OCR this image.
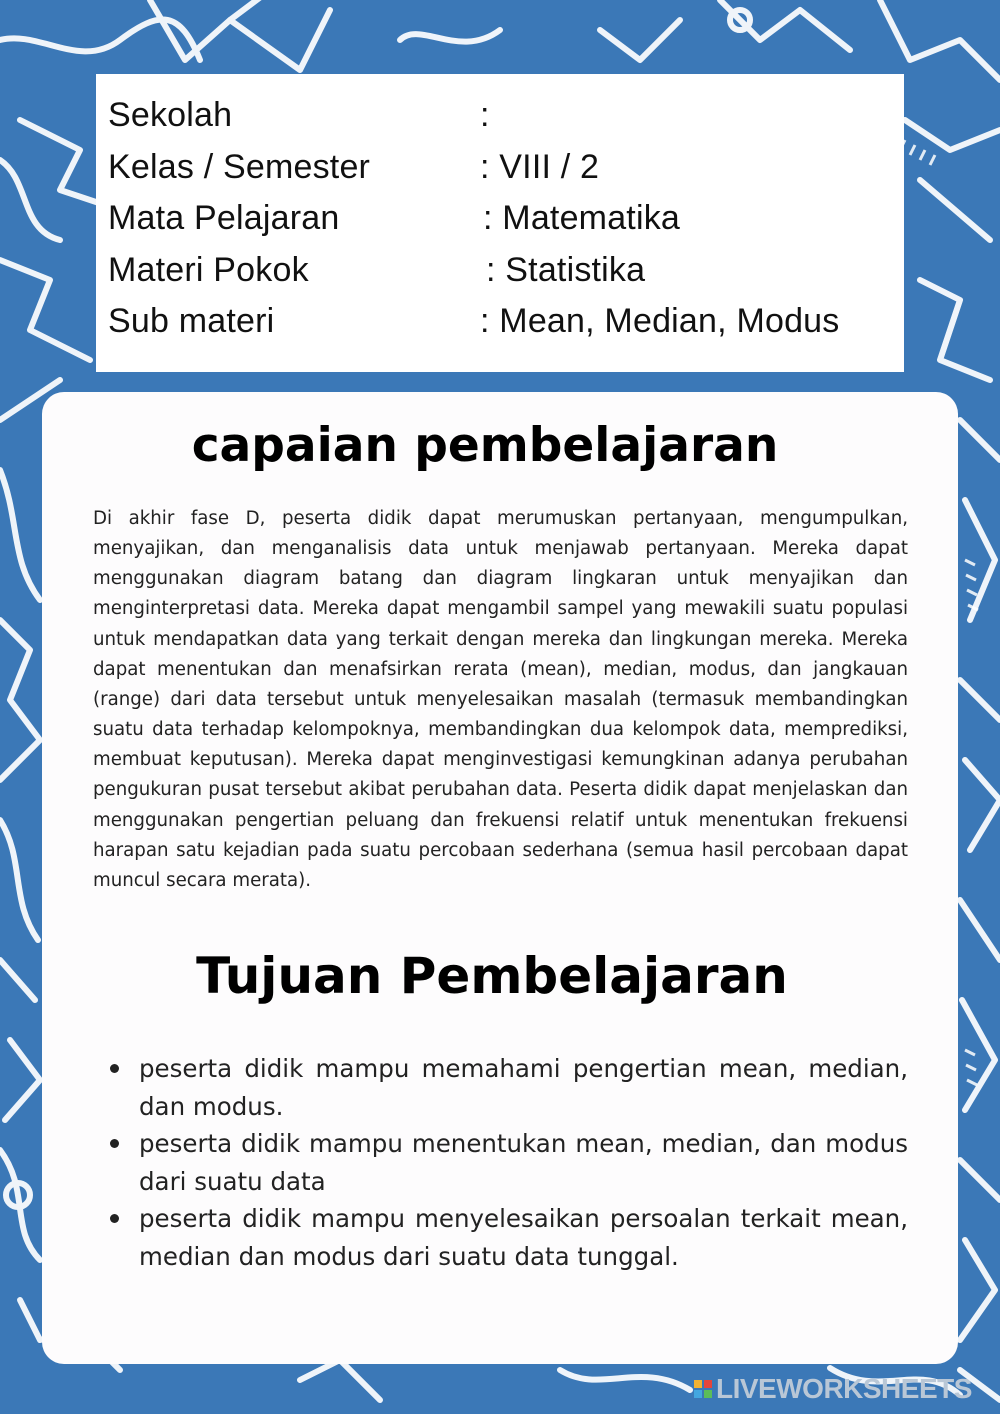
Sekolah	:
Kelas / Semester	: VIII / 2
Mata Pelajaran	: Matematika
Materi Pokok	: Statistika
Sub materi	: Mean, Median, Modus
capaian pembelajaran

Di akhir fase D, peserta didik dapat merumuskan pertanyaan, mengumpulkan, menyajikan, dan menganalisis data untuk menjawab pertanyaan. Mereka dapat menggunakan diagram batang dan diagram lingkaran untuk menyajikan dan menginterpretasi data. Mereka dapat mengambil sampel yang mewakili suatu populasi untuk mendapatkan data yang terkait dengan mereka dan lingkungan mereka. Mereka dapat menentukan dan menafsirkan rerata (mean), median, modus, dan jangkauan (range) dari data tersebut untuk menyelesaikan masalah (termasuk membandingkan suatu data terhadap kelompoknya, membandingkan dua kelompok data, memprediksi, membuat keputusan). Mereka dapat menginvestigasi kemungkinan adanya perubahan pengukuran pusat tersebut akibat perubahan data. Peserta didik dapat menjelaskan dan menggunakan pengertian peluang dan frekuensi relatif untuk menentukan frekuensi harapan satu kejadian pada suatu percobaan sederhana (semua hasil percobaan dapat muncul secara merata).

Tujuan Pembelajaran
peserta didik mampu memahami pengertian mean, median, dan modus.
peserta didik mampu menentukan mean, median, dan modus dari suatu data
peserta didik mampu menyelesaikan persoalan terkait mean, median dan modus dari suatu data tunggal.
LIVEWORKSHEETS
